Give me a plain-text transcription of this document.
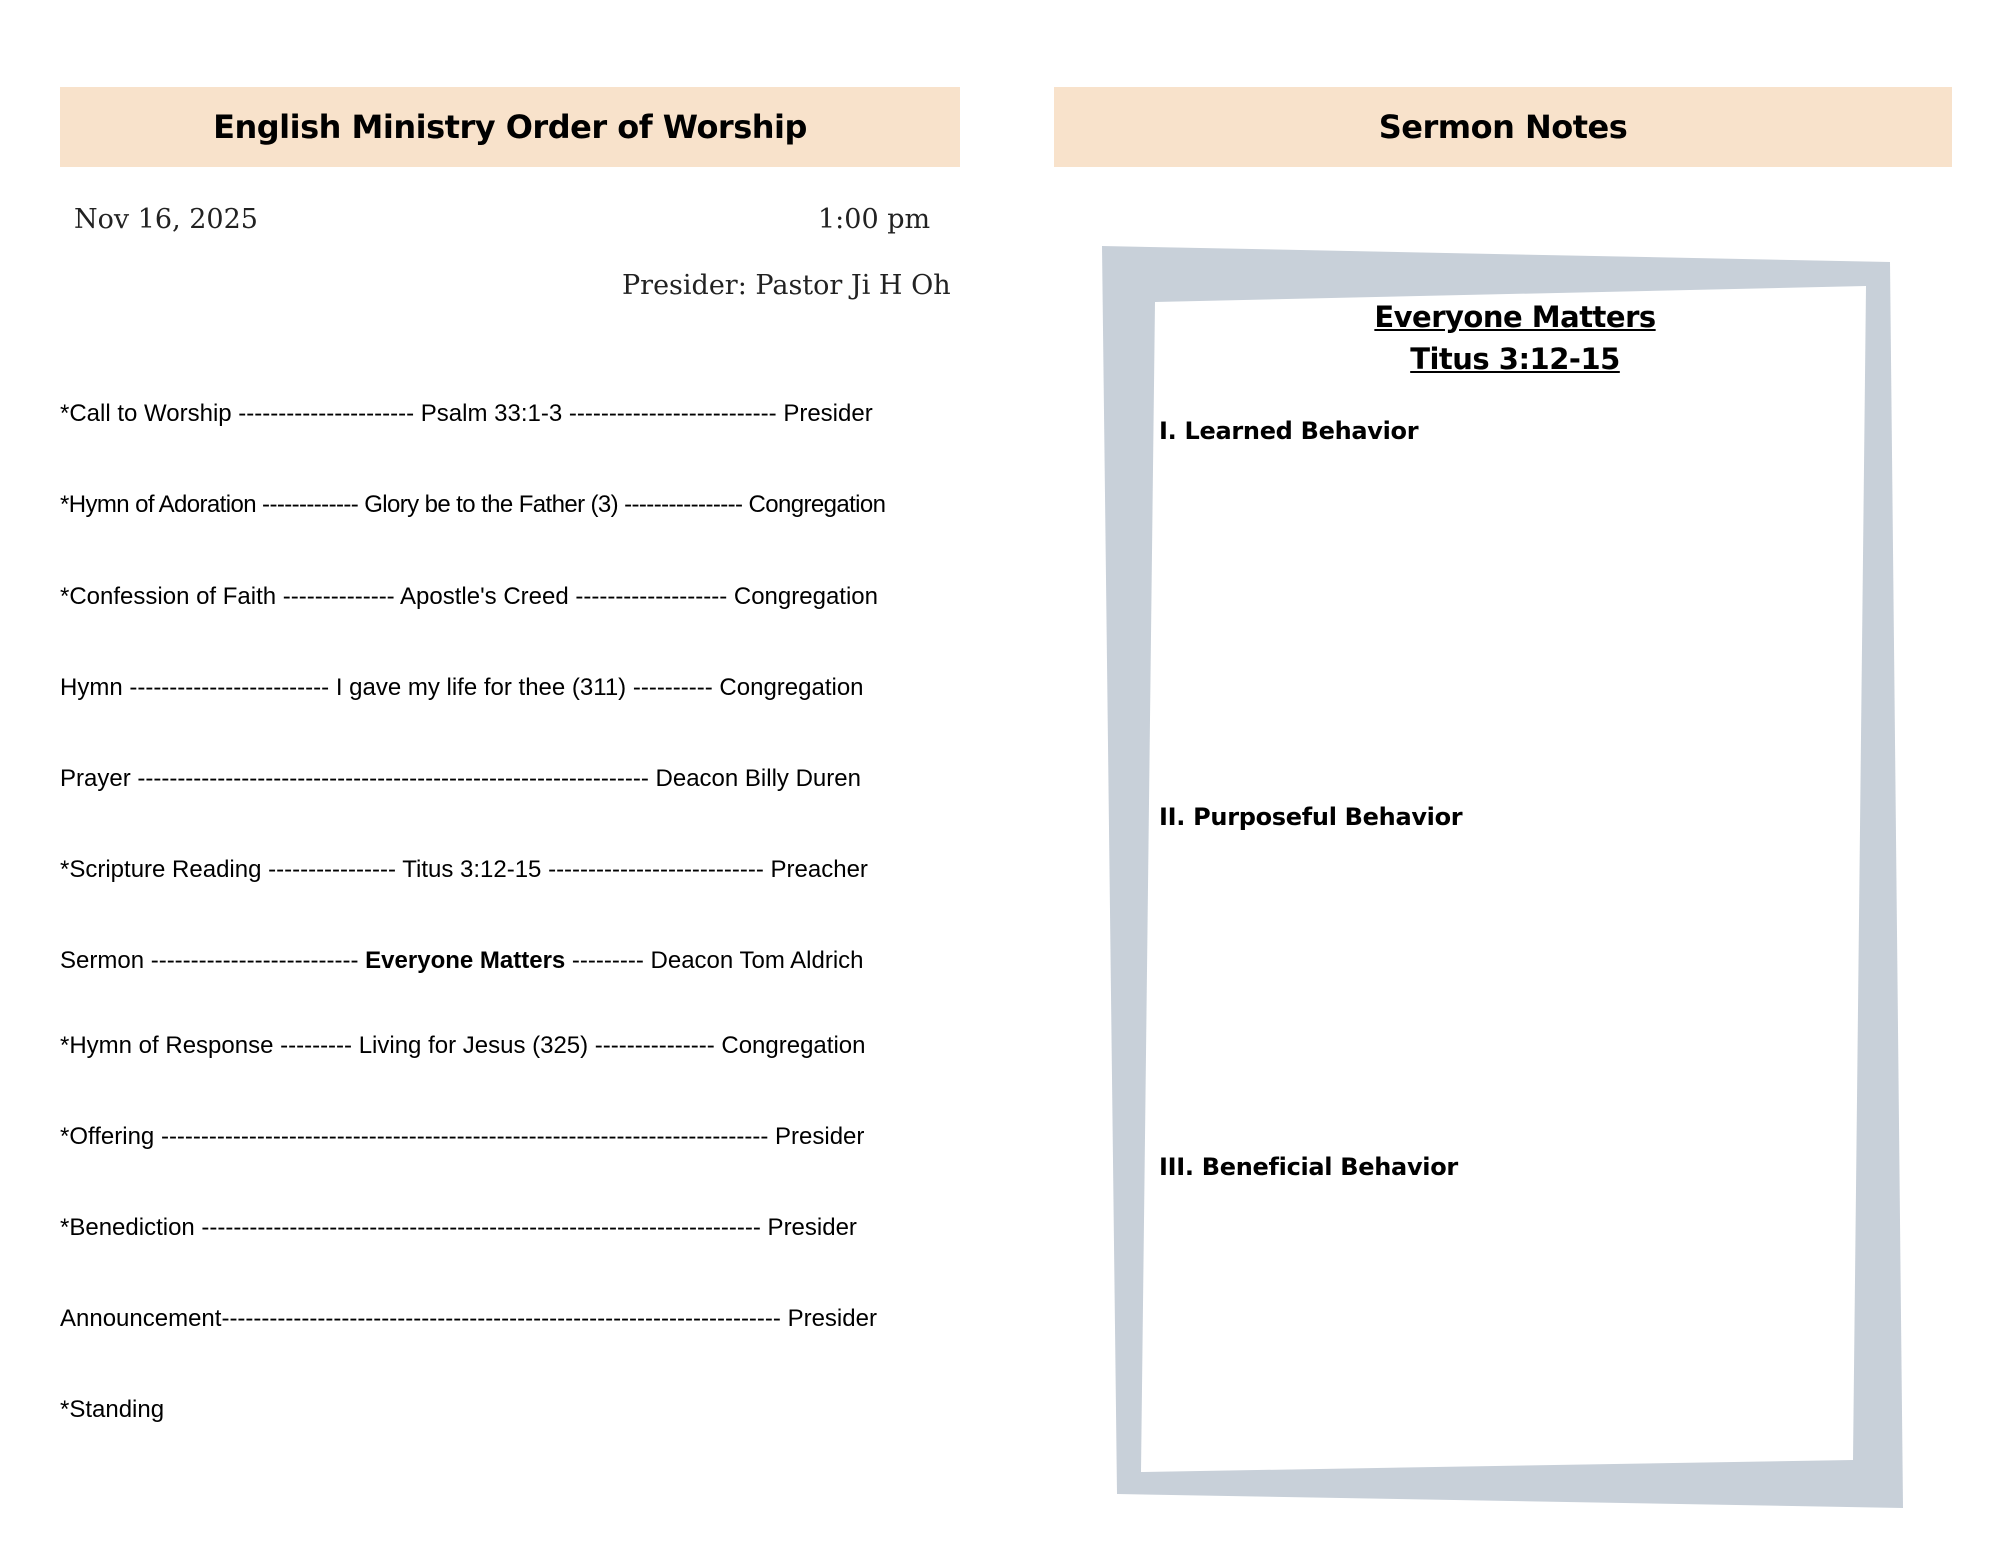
English Ministry Order of Worship
Nov 16, 2025	1:00 pm
Presider: Pastor Ji H Oh
*Call to Worship ---------------------- Psalm 33:1-3 -------------------------- Presider
*Hymn of Adoration ------------- Glory be to the Father (3) ---------------- Congregation
*Confession of Faith -------------- Apostle's Creed ------------------- Congregation
Hymn ------------------------- I gave my life for thee (311) ---------- Congregation
Prayer ---------------------------------------------------------------- Deacon Billy Duren
*Scripture Reading ---------------- Titus 3:12-15 --------------------------- Preacher
Sermon -------------------------- Everyone Matters --------- Deacon Tom Aldrich
*Hymn of Response --------- Living for Jesus (325) --------------- Congregation
*Offering ---------------------------------------------------------------------------- Presider
*Benediction ---------------------------------------------------------------------- Presider
Announcement---------------------------------------------------------------------- Presider
*Standing
Sermon Notes
Everyone Matters
Titus 3:12-15
I. Learned Behavior
II. Purposeful Behavior
III. Beneficial Behavior
